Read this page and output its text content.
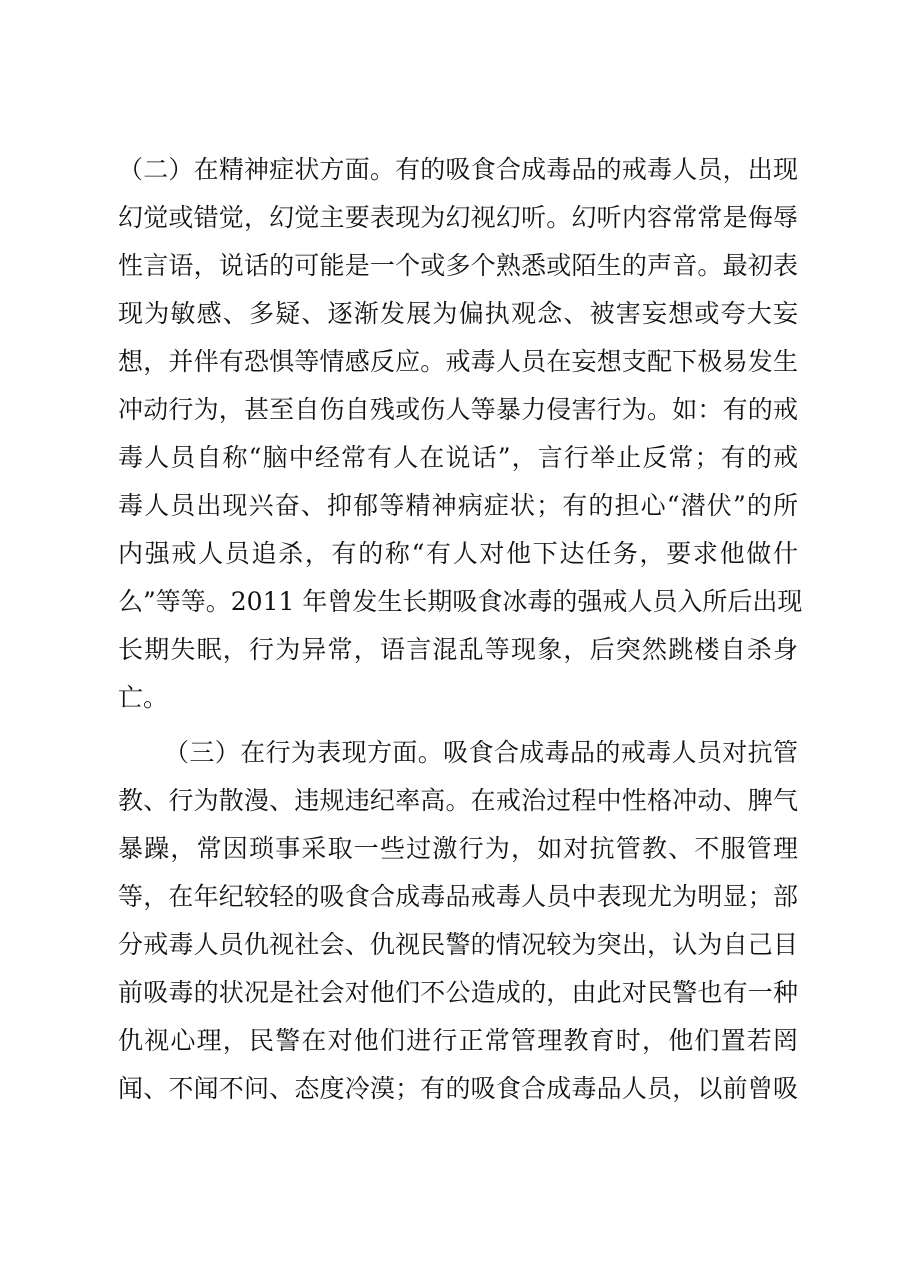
（二）在精神症状方面。有的吸食合成毒品的戒毒人员，出现
幻觉或错觉，幻觉主要表现为幻视幻听。幻听内容常常是侮辱
性言语，说话的可能是一个或多个熟悉或陌生的声音。最初表
现为敏感、多疑、逐渐发展为偏执观念、被害妄想或夸大妄
想，并伴有恐惧等情感反应。戒毒人员在妄想支配下极易发生
冲动行为，甚至自伤自残或伤人等暴力侵害行为。如：有的戒
毒人员自称“脑中经常有人在说话”，言行举止反常；有的戒
毒人员出现兴奋、抑郁等精神病症状；有的担心“潜伏”的所
内强戒人员追杀，有的称“有人对他下达任务，要求他做什
么”等等。2011 年曾发生长期吸食冰毒的强戒人员入所后出现
长期失眠，行为异常，语言混乱等现象，后突然跳楼自杀身
亡。
（三）在行为表现方面。吸食合成毒品的戒毒人员对抗管
教、行为散漫、违规违纪率高。在戒治过程中性格冲动、脾气
暴躁，常因琐事采取一些过激行为，如对抗管教、不服管理
等，在年纪较轻的吸食合成毒品戒毒人员中表现尤为明显；部
分戒毒人员仇视社会、仇视民警的情况较为突出，认为自己目
前吸毒的状况是社会对他们不公造成的，由此对民警也有一种
仇视心理，民警在对他们进行正常管理教育时，他们置若罔
闻、不闻不问、态度冷漠；有的吸食合成毒品人员，以前曾吸
